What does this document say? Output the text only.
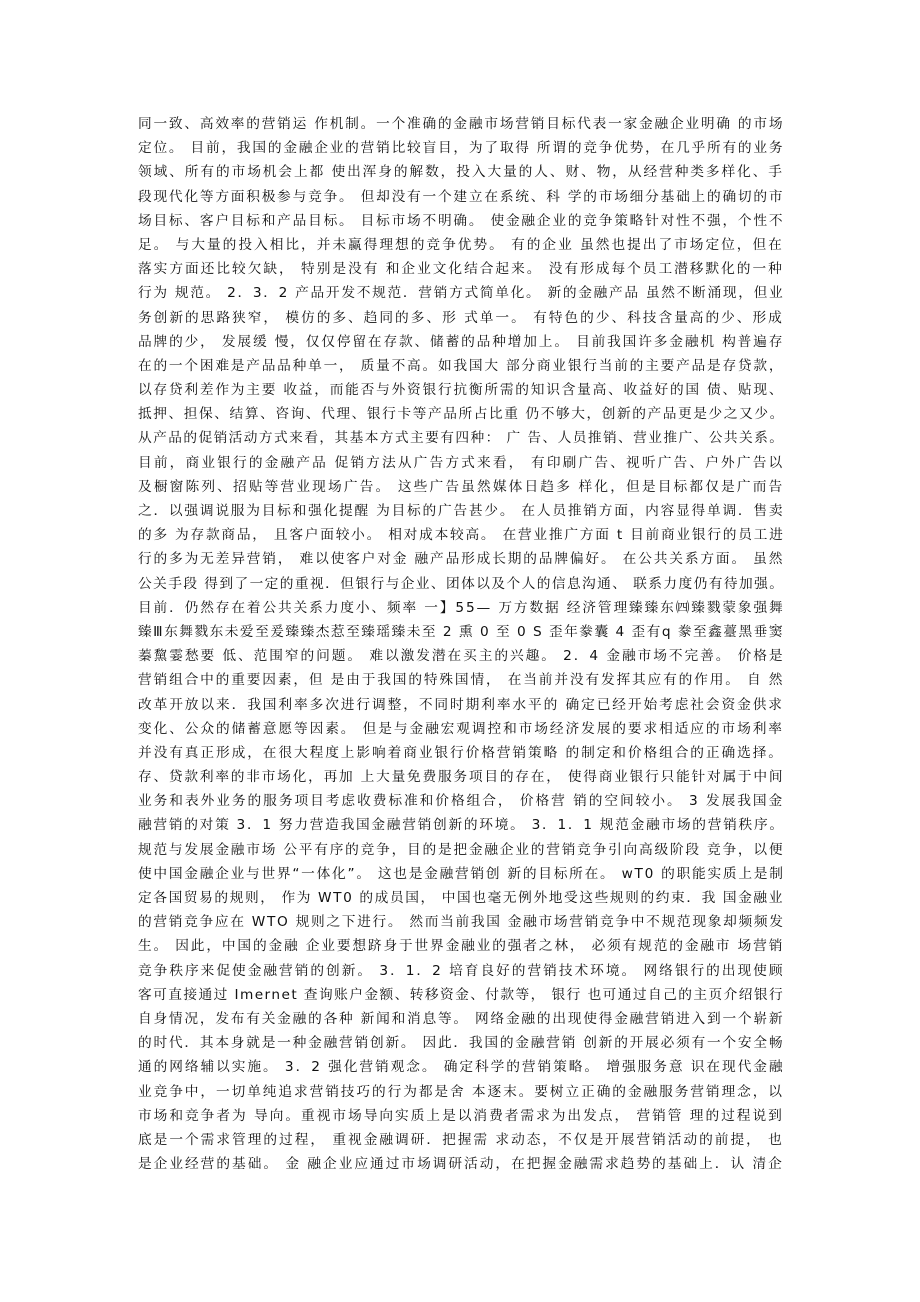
同一致、高效率的营销运 作机制。一个准确的金融市场营销目标代表一家金融企业明确 的市场
定位。 目前，我国的金融企业的营销比较盲目，为了取得 所谓的竞争优势，在几乎所有的业务
领域、所有的市场机会上都 使出浑身的解数，投入大量的人、财、物，从经营种类多样化、手
段现代化等方面积极参与竞争。 但却没有一个建立在系统、科 学的市场细分基础上的确切的市
场目标、客户目标和产品目标。 目标市场不明确。 使金融企业的竞争策略针对性不强，个性不
足。 与大量的投入相比，并未赢得理想的竞争优势。 有的企业 虽然也提出了市场定位，但在
落实方面还比较欠缺， 特别是没有 和企业文化结合起来。 没有形成每个员工潜移默化的一种
行为 规范。 2．3．2 产品开发不规范．营销方式简单化。 新的金融产品 虽然不断涌现，但业
务创新的思路狭窄， 模仿的多、趋同的多、形 式单一。 有特色的少、科技含量高的少、形成
品牌的少， 发展缓 慢，仅仅停留在存款、储蓄的品种增加上。 目前我国许多金融机 构普遍存
在的一个困难是产品品种单一， 质量不高。如我国大 部分商业银行当前的主要产品是存贷款，
以存贷利差作为主要 收益，而能否与外资银行抗衡所需的知识含量高、收益好的国 债、贴现、
抵押、担保、结算、咨询、代理、银行卡等产品所占比重 仍不够大，创新的产品更是少之又少。
从产品的促销活动方式来看，其基本方式主要有四种： 广 告、人员推销、营业推广、公共关系。
目前，商业银行的金融产品 促销方法从广告方式来看， 有印刷广告、视听广告、户外广告以
及橱窗陈列、招贴等营业现场广告。 这些广告虽然媒体日趋多 样化，但是目标都仅是广而告
之．以强调说服为目标和强化提醒 为目标的广告甚少。 在人员推销方面，内容显得单调．售卖
的多 为存款商品， 且客户面较小。 相对成本较高。 在营业推广方面 t 目前商业银行的员工进
行的多为无差异营销， 难以使客户对金 融产品形成长期的品牌偏好。 在公共关系方面。 虽然
公关手段 得到了一定的重视．但银行与企业、团体以及个人的信息沟通、 联系力度仍有待加强。
目前．仍然存在着公共关系力度小、频率 一】55— 万方数据 经济管理臻臻东㈣臻戮蒙象强舞
臻Ⅲ东舞戮东未爱至爰臻臻杰惹至臻瑶臻未至 2 熏 0 至 0 S 歪年豢囊 4 歪有q 豢至鑫薹黑垂窦
蓁黧霎愁要 低、范围窄的问题。 难以激发潜在买主的兴趣。 2．4 金融市场不完善。 价格是
营销组合中的重要因素，但 是由于我国的特殊国情， 在当前并没有发挥其应有的作用。 自 然
改革开放以来．我国利率多次进行调整，不同时期利率水平的 确定已经开始考虑社会资金供求
变化、公众的储蓄意愿等因素。 但是与金融宏观调控和市场经济发展的要求相适应的市场利率
并没有真正形成，在很大程度上影响着商业银行价格营销策略 的制定和价格组合的正确选择。
存、贷款利率的非市场化，再加 上大量免费服务项目的存在， 使得商业银行只能针对属于中间
业务和表外业务的服务项目考虑收费标准和价格组合， 价格营 销的空间较小。 3 发展我国金
融营销的对策 3．1 努力营造我国金融营销创新的环境。 3．1．1 规范金融市场的营销秩序。
规范与发展金融市场 公平有序的竞争，目的是把金融企业的营销竞争引向高级阶段 竞争，以便
使中国金融企业与世界“一体化”。 这也是金融营销创 新的目标所在。 wT0 的职能实质上是制
定各国贸易的规则， 作为 WT0 的成员国， 中国也毫无例外地受这些规则的约束．我 国金融业
的营销竞争应在 WTO 规则之下进行。 然而当前我国 金融市场营销竞争中不规范现象却频频发
生。 因此，中国的金融 企业要想跻身于世界金融业的强者之林， 必须有规范的金融市 场营销
竞争秩序来促使金融营销的创新。 3．1．2 培育良好的营销技术环境。 网络银行的出现使顾
客可直接通过 Imernet 查询账户金额、转移资金、付款等， 银行 也可通过自己的主页介绍银行
自身情况，发布有关金融的各种 新闻和消息等。 网络金融的出现使得金融营销进入到一个崭新
的时代．其本身就是一种金融营销创新。 因此．我国的金融营销 创新的开展必须有一个安全畅
通的网络辅以实施。 3．2 强化营销观念。 确定科学的营销策略。 增强服务意 识在现代金融
业竞争中，一切单纯追求营销技巧的行为都是舍 本逐末。要树立正确的金融服务营销理念，以
市场和竞争者为 导向。重视市场导向实质上是以消费者需求为出发点， 营销管 理的过程说到
底是一个需求管理的过程， 重视金融调研．把握需 求动态，不仅是开展营销活动的前提， 也
是企业经营的基础。 金 融企业应通过市场调研活动，在把握金融需求趋势的基础上．认 清企
